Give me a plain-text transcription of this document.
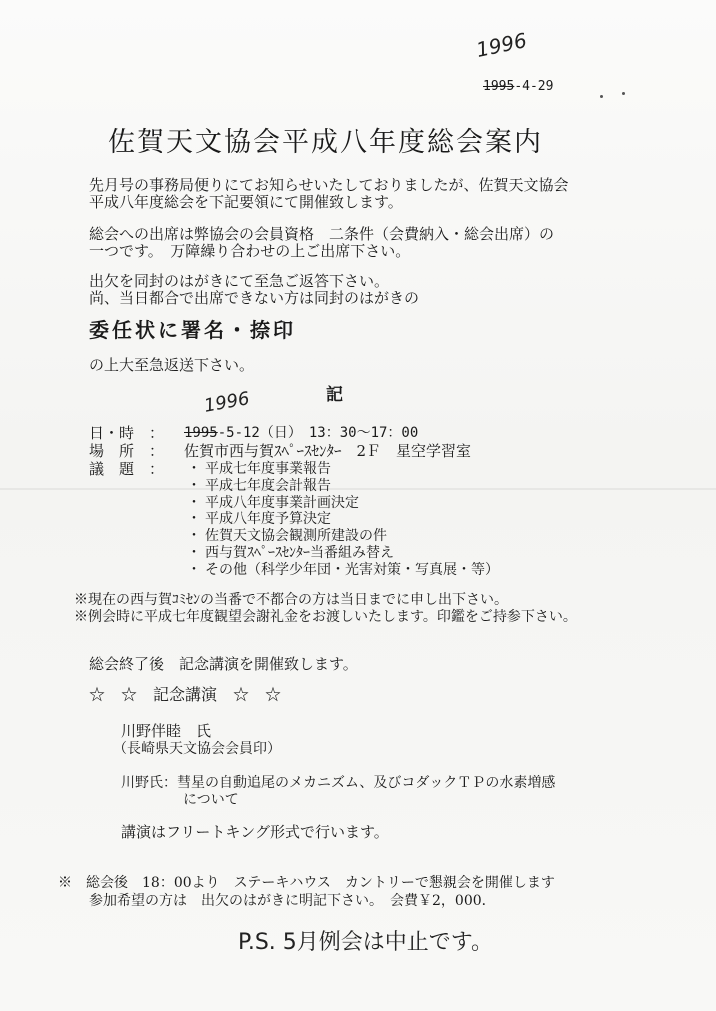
1996
1995-4-29
佐賀天文協会平成八年度総会案内
先月号の事務局便りにてお知らせいたしておりましたが、佐賀天文協会
平成八年度総会を下記要領にて開催致します。
総会への出席は弊協会の会員資格　二条件（会費納入・総会出席）の
一つです。　万障繰り合わせの上ご出席下さい。
出欠を同封のはがきにて至急ご返答下さい。
尚、当日都合で出席できない方は同封のはがきの
委任状に署名・捺印
の上大至急返送下さい。
1996	記
日・時　： 1995-5-12（日）　13：30～17：00
場　所　： 佐賀市西与賀ｽﾍﾟｰｽｾﾝﾀｰ　2Ｆ　星空学習室
議　題　： ・ 平成七年度事業報告
・ 平成七年度会計報告
・ 平成八年度事業計画決定
・ 平成八年度予算決定
・ 佐賀天文協会観測所建設の件
・ 西与賀ｽﾍﾟｰｽｾﾝﾀｰ当番組み替え
・ その他（科学少年団・光害対策・写真展・等）
※現在の西与賀ｺﾐｾﾝの当番で不都合の方は当日までに申し出下さい。
※例会時に平成七年度観望会謝礼金をお渡しいたします。印鑑をご持参下さい。
総会終了後　記念講演を開催致します。
☆　☆　記念講演　☆　☆
川野伴睦　氏
（長崎県天文協会会員印）
川野氏：彗星の自動追尾のメカニズム、及びコダックＴＰの水素増感
について
講演はフリートキング形式で行います。
※　総会後　18：00より　ステーキハウス　カントリーで懇親会を開催します
参加希望の方は　出欠のはがきに明記下さい。　会費￥2，000．
P.S. 5月例会は中止です。
